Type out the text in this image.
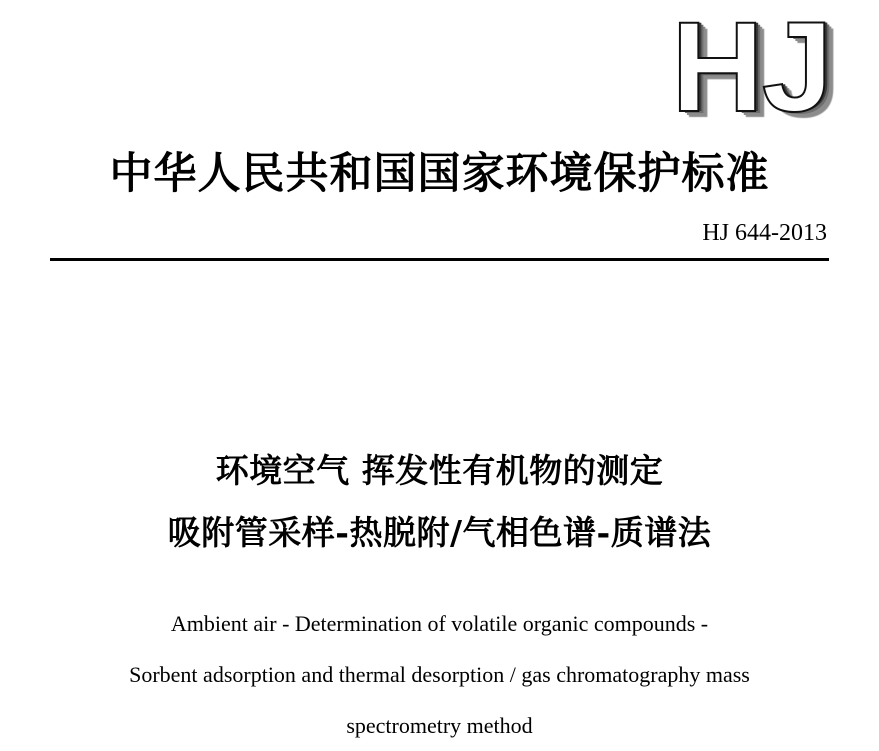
HJ
中华人民共和国国家环境保护标准
HJ 644-2013
环境空气 挥发性有机物的测定
吸附管采样-热脱附/气相色谱-质谱法
Ambient air - Determination of volatile organic compounds -
Sorbent adsorption and thermal desorption / gas chromatography mass
spectrometry method
